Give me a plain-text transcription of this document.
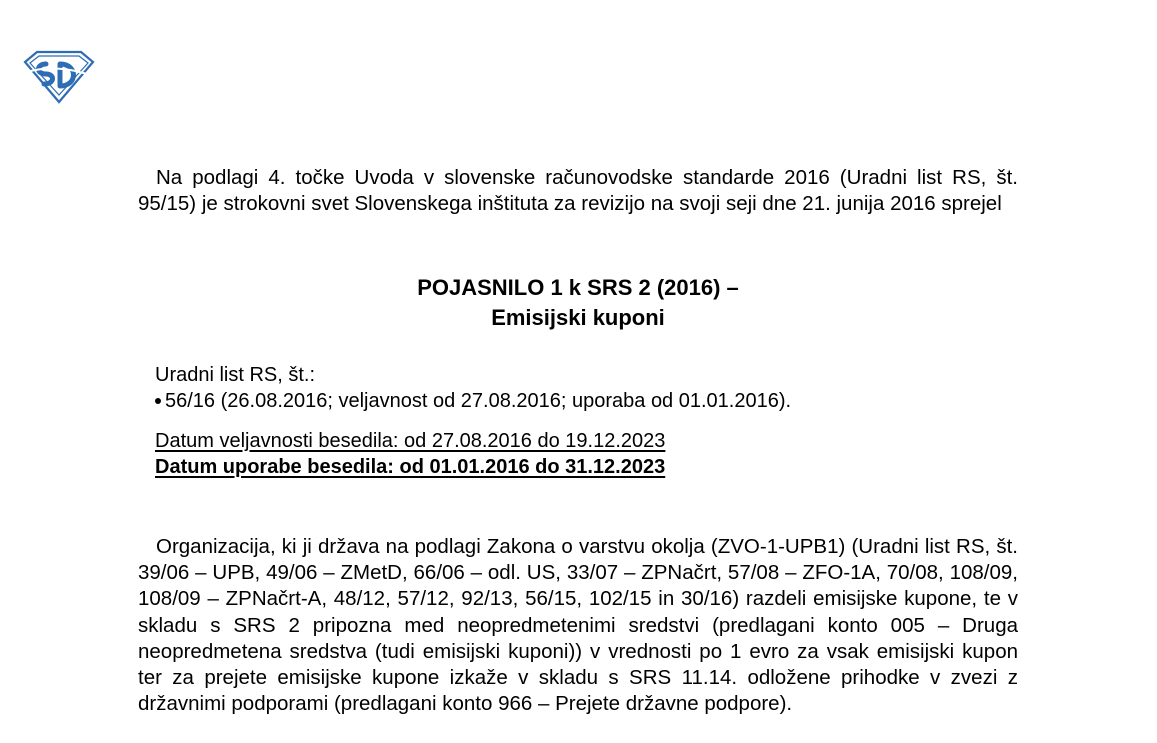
Na podlagi 4. točke Uvoda v slovenske računovodske standarde 2016 (Uradni list RS, št. 95/15) je strokovni svet Slovenskega inštituta za revizijo na svoji seji dne 21. junija 2016 sprejel

POJASNILO 1 k SRS 2 (2016) –

Emisijski kuponi

Uradni list RS, št.:
56/16 (26.08.2016; veljavnost od 27.08.2016; uporaba od 01.01.2016).
Datum veljavnosti besedila: od 27.08.2016 do 19.12.2023
Datum uporabe besedila: od 01.01.2016 do 31.12.2023

Organizacija, ki ji država na podlagi Zakona o varstvu okolja (ZVO-1-UPB1) (Uradni list RS, št. 39/06 – UPB, 49/06 – ZMetD, 66/06 – odl. US, 33/07 – ZPNačrt, 57/08 – ZFO-1A, 70/08, 108/09, 108/09 – ZPNačrt-A, 48/12, 57/12, 92/13, 56/15, 102/15 in 30/16) razdeli emisijske kupone, te v skladu s SRS 2 pripozna med neopredmetenimi sredstvi (predlagani konto 005 – Druga neopredmetena sredstva (tudi emisijski kuponi)) v vrednosti po 1 evro za vsak emisijski kupon ter za prejete emisijske kupone izkaže v skladu s SRS 11.14. odložene prihodke v zvezi z državnimi podporami (predlagani konto 966 – Prejete državne podpore).
